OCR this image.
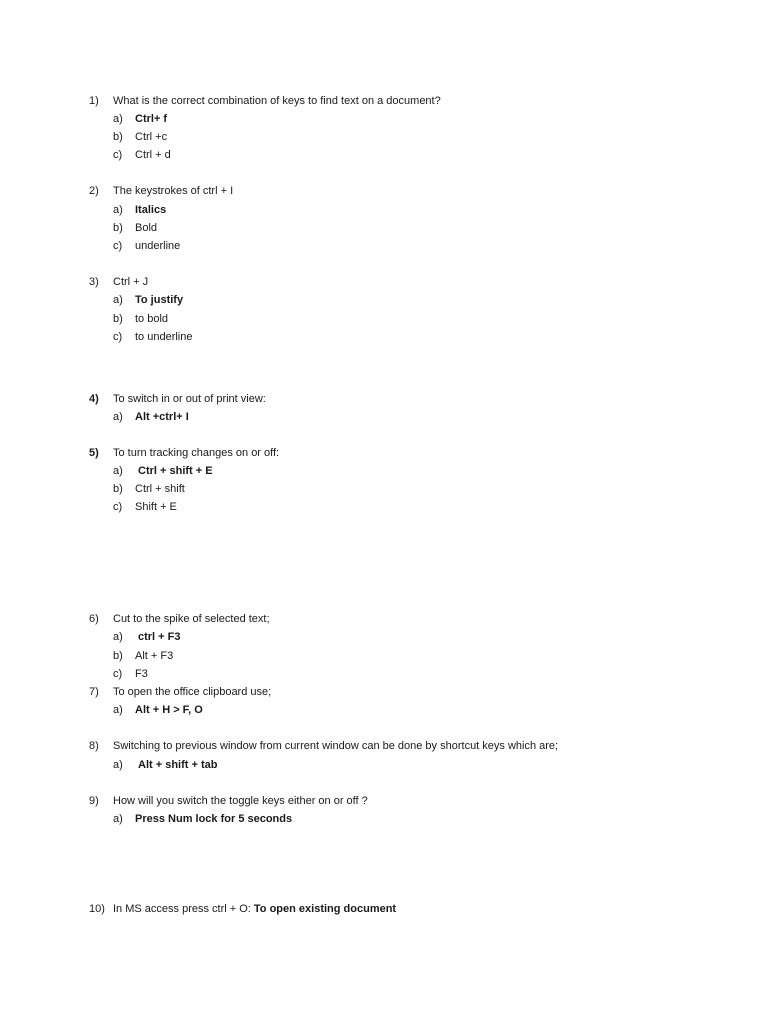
1) What is the correct combination of keys to find text on a document?
a) Ctrl+ f
b) Ctrl +c
c) Ctrl + d
2) The keystrokes of ctrl + I
a) Italics
b) Bold
c) underline
3) Ctrl + J
a) To justify
b) to bold
c) to underline
4) To switch in or out of print view:
a) Alt +ctrl+ I
5) To turn tracking changes on or off:
a) Ctrl + shift + E
b) Ctrl + shift
c) Shift + E
6) Cut to the spike of selected text;
a) ctrl + F3
b) Alt + F3
c) F3
7) To open the office clipboard use;
a) Alt + H > F, O
8) Switching to previous window from current window can be done by shortcut keys which are;
a) Alt + shift + tab
9) How will you switch the toggle keys either on or off ?
a) Press Num lock for 5 seconds
10) In MS access press ctrl + O: To open existing document
